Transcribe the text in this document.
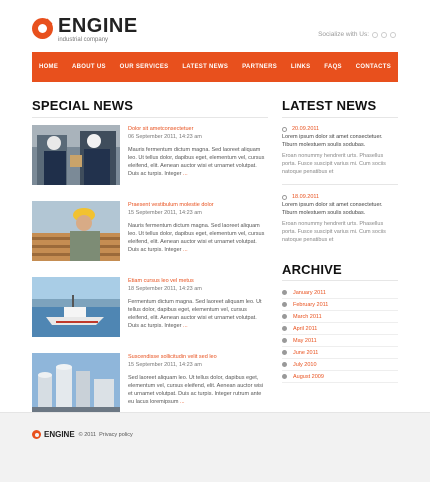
ENGINE
industrial company
Socialize with Us:
HOME ABOUT US OUR SERVICES LATEST NEWS PARTNERS LINKS FAQS CONTACTS
SPECIAL NEWS
Dolor sit ametconsectetuer
06 September 2011, 14:23 am
Mauris fermentum dictum magna. Sed laoreet aliquam leo. Ut tellus dolor, dapibus eget, elementum vel, cursus eleifend, elit. Aenean auctor wisi et urnamet volutpat. Duis ac turpis. Integer ...
Praesent vestibulum molestie dolor
15 September 2011, 14:23 am
Nauris fermentum dictum magna. Sed laoreet aliquam leo. Ut tellus dolor, dapibus eget, elementum vel, cursus eleifend, elit. Aenean auctor wisi et urnamet volutpat. Duis ac turpis. Integer ...
Etiam cursus leo vel metus
18 September 2011, 14:23 am
Fermentum dictum magna. Sed laoreet aliquam leo. Ut tellus dolor, dapibus eget, elementum vel, cursus eleifend, elit. Aenean auctor wisi et urnamet volutpat. Duis ac turpis. Integer ...
Suscendisse sollicitudin velit sed leo
15 September 2011, 14:23 am
Sed laoreet aliquam leo. Ut tellus dolor, dapibus eget, elementum vel, cursus eleifend, elit. Aenean auctor wisi et urnamet volutpat. Duis ac turpis. Integer rutrum ante eu lacus loremipsum ...
LATEST NEWS
20.09.2011
Lorem ipsum dolor sit amet consectetuer. Tiburn molestuem soulis sodubas.
Eroan nonummy hendrerit urts. Phasellus porta. Fusce suscipit varius mi. Cum sociis natoque penatibus et
18.09.2011
Lorem ipsum dolor sit amet consectetuer. Tiburn molestuem soulis sodubas.
Eroan nonummy hendrerit urts. Phasellus porta. Fusce suscipit varius mi. Cum sociis natoque penatibus et
ARCHIVE
January 2011
February 2011
March 2011
April 2011
May 2011
June 2011
July 2010
August 2009
ENGINE © 2011 Privacy policy
